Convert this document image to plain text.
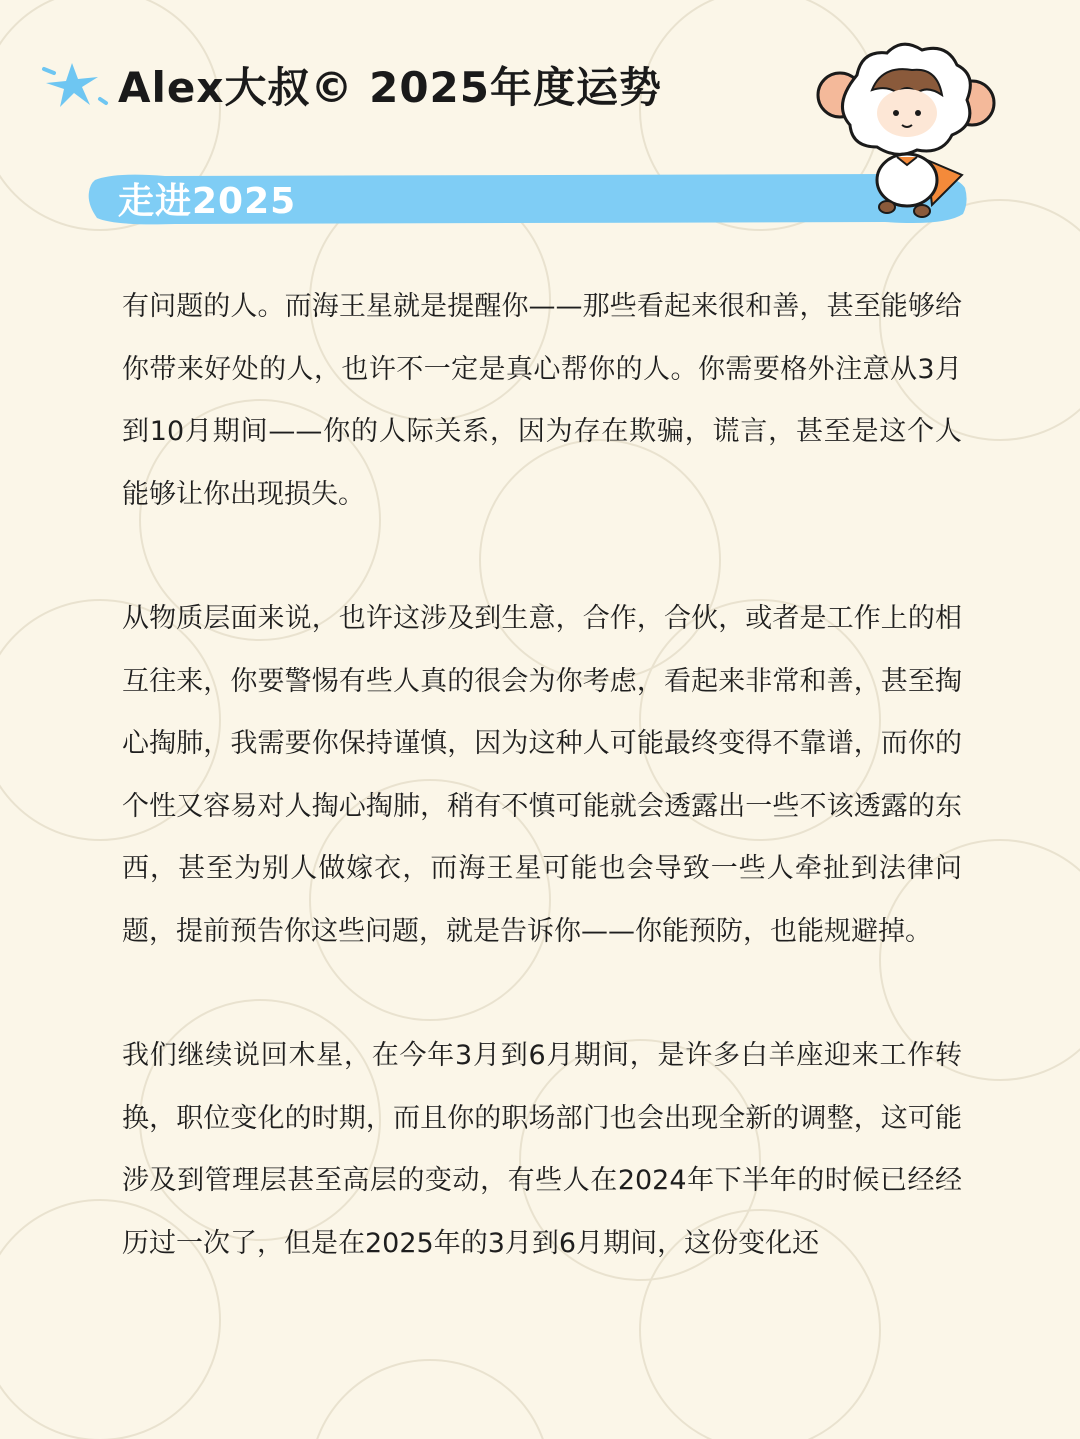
Alex大叔© 2025年度运势
走进2025

有问题的人。而海王星就是提醒你——那些看起来很和善，甚至能够给你带来好处的人，也许不一定是真心帮你的人。你需要格外注意从3月到10月期间——你的人际关系，因为存在欺骗，谎言，甚至是这个人能够让你出现损失。

从物质层面来说，也许这涉及到生意，合作，合伙，或者是工作上的相互往来，你要警惕有些人真的很会为你考虑，看起来非常和善，甚至掏心掏肺，我需要你保持谨慎，因为这种人可能最终变得不靠谱，而你的个性又容易对人掏心掏肺，稍有不慎可能就会透露出一些不该透露的东西，甚至为别人做嫁衣，而海王星可能也会导致一些人牵扯到法律问题，提前预告你这些问题，就是告诉你——你能预防，也能规避掉。

我们继续说回木星，在今年3月到6月期间，是许多白羊座迎来工作转换，职位变化的时期，而且你的职场部门也会出现全新的调整，这可能涉及到管理层甚至高层的变动，有些人在2024年下半年的时候已经经历过一次了，但是在2025年的3月到6月期间，这份变化还
